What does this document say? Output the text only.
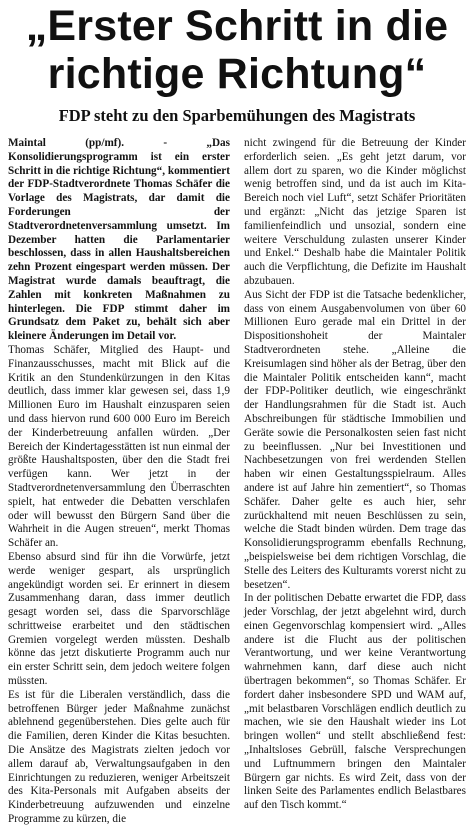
„Erster Schritt in die
richtige Richtung“
FDP steht zu den Sparbemühungen des Magistrats

Maintal (pp/mf). - „Das Konsolidierungsprogramm ist ein erster Schritt in die richtige Richtung“, kommentiert der FDP-Stadtverordnete Thomas Schäfer die Vorlage des Magistrats, dar damit die Forderungen der Stadtverordnetenversammlung umsetzt. Im Dezember hatten die Parlamentarier beschlossen, dass in allen Haushaltsbereichen zehn Prozent eingespart werden müssen. Der Magistrat wurde damals beauftragt, die Zahlen mit konkreten Maßnahmen zu hinterlegen. Die FDP stimmt daher im Grundsatz dem Paket zu, behält sich aber kleinere Änderungen im Detail vor.

Thomas Schäfer, Mitglied des Haupt- und Finanzausschusses, macht mit Blick auf die Kritik an den Stundenkürzungen in den Kitas deutlich, dass immer klar gewesen sei, dass 1,9 Millionen Euro im Haushalt einzusparen seien und dass hiervon rund 600 000 Euro im Bereich der Kinderbetreuung anfallen würden. „Der Bereich der Kindertagesstätten ist nun einmal der größte Haushaltsposten, über den die Stadt frei verfügen kann. Wer jetzt in der Stadtverordnetenversammlung den Überraschten spielt, hat entweder die Debatten verschlafen oder will bewusst den Bürgern Sand über die Wahrheit in die Augen streuen“, merkt Thomas Schäfer an.

Ebenso absurd sind für ihn die Vorwürfe, jetzt werde weniger gespart, als ursprünglich angekündigt worden sei. Er erinnert in diesem Zusammenhang daran, dass immer deutlich gesagt worden sei, dass die Sparvorschläge schrittweise erarbeitet und den städtischen Gremien vorgelegt werden müssten. Deshalb könne das jetzt diskutierte Programm auch nur ein erster Schritt sein, dem jedoch weitere folgen müssten.

Es ist für die Liberalen verständlich, dass die betroffenen Bürger jeder Maßnahme zunächst ablehnend gegenüberstehen. Dies gelte auch für die Familien, deren Kinder die Kitas besuchten. Die Ansätze des Magistrats zielten jedoch vor allem darauf ab, Verwaltungsaufgaben in den Einrichtungen zu reduzieren, weniger Arbeitszeit des Kita-Personals mit Aufgaben abseits der Kinderbetreuung aufzuwenden und einzelne Programme zu kürzen, die

nicht zwingend für die Betreuung der Kinder erforderlich seien. „Es geht jetzt darum, vor allem dort zu sparen, wo die Kinder möglichst wenig betroffen sind, und da ist auch im Kita-Bereich noch viel Luft“, setzt Schäfer Prioritäten und ergänzt: „Nicht das jetzige Sparen ist familienfeindlich und unsozial, sondern eine weitere Verschuldung zulasten unserer Kinder und Enkel.“ Deshalb habe die Maintaler Politik auch die Verpflichtung, die Defizite im Haushalt abzubauen.

Aus Sicht der FDP ist die Tatsache bedenklicher, dass von einem Ausgabenvolumen von über 60 Millionen Euro gerade mal ein Drittel in der Dispositionshoheit der Maintaler Stadtverordneten stehe. „Alleine die Kreisumlagen sind höher als der Betrag, über den die Maintaler Politik entscheiden kann“, macht der FDP-Politiker deutlich, wie eingeschränkt der Handlungsrahmen für die Stadt ist. Auch Abschreibungen für städtische Immobilien und Geräte sowie die Personalkosten seien fast nicht zu beeinflussen. „Nur bei Investitionen und Nachbesetzungen von frei werdenden Stellen haben wir einen Gestaltungsspielraum. Alles andere ist auf Jahre hin zementiert“, so Thomas Schäfer. Daher gelte es auch hier, sehr zurückhaltend mit neuen Beschlüssen zu sein, welche die Stadt binden würden. Dem trage das Konsolidierungsprogramm ebenfalls Rechnung, „beispielsweise bei dem richtigen Vorschlag, die Stelle des Leiters des Kulturamts vorerst nicht zu besetzen“.

In der politischen Debatte erwartet die FDP, dass jeder Vorschlag, der jetzt abgelehnt wird, durch einen Gegenvorschlag kompensiert wird. „Alles andere ist die Flucht aus der politischen Verantwortung, und wer keine Verantwortung wahrnehmen kann, darf diese auch nicht übertragen bekommen“, so Thomas Schäfer. Er fordert daher insbesondere SPD und WAM auf, „mit belastbaren Vorschlägen endlich deutlich zu machen, wie sie den Haushalt wieder ins Lot bringen wollen“ und stellt abschließend fest: „Inhaltsloses Gebrüll, falsche Versprechungen und Luftnummern bringen den Maintaler Bürgern gar nichts. Es wird Zeit, dass von der linken Seite des Parlamentes endlich Belastbares auf den Tisch kommt.“
